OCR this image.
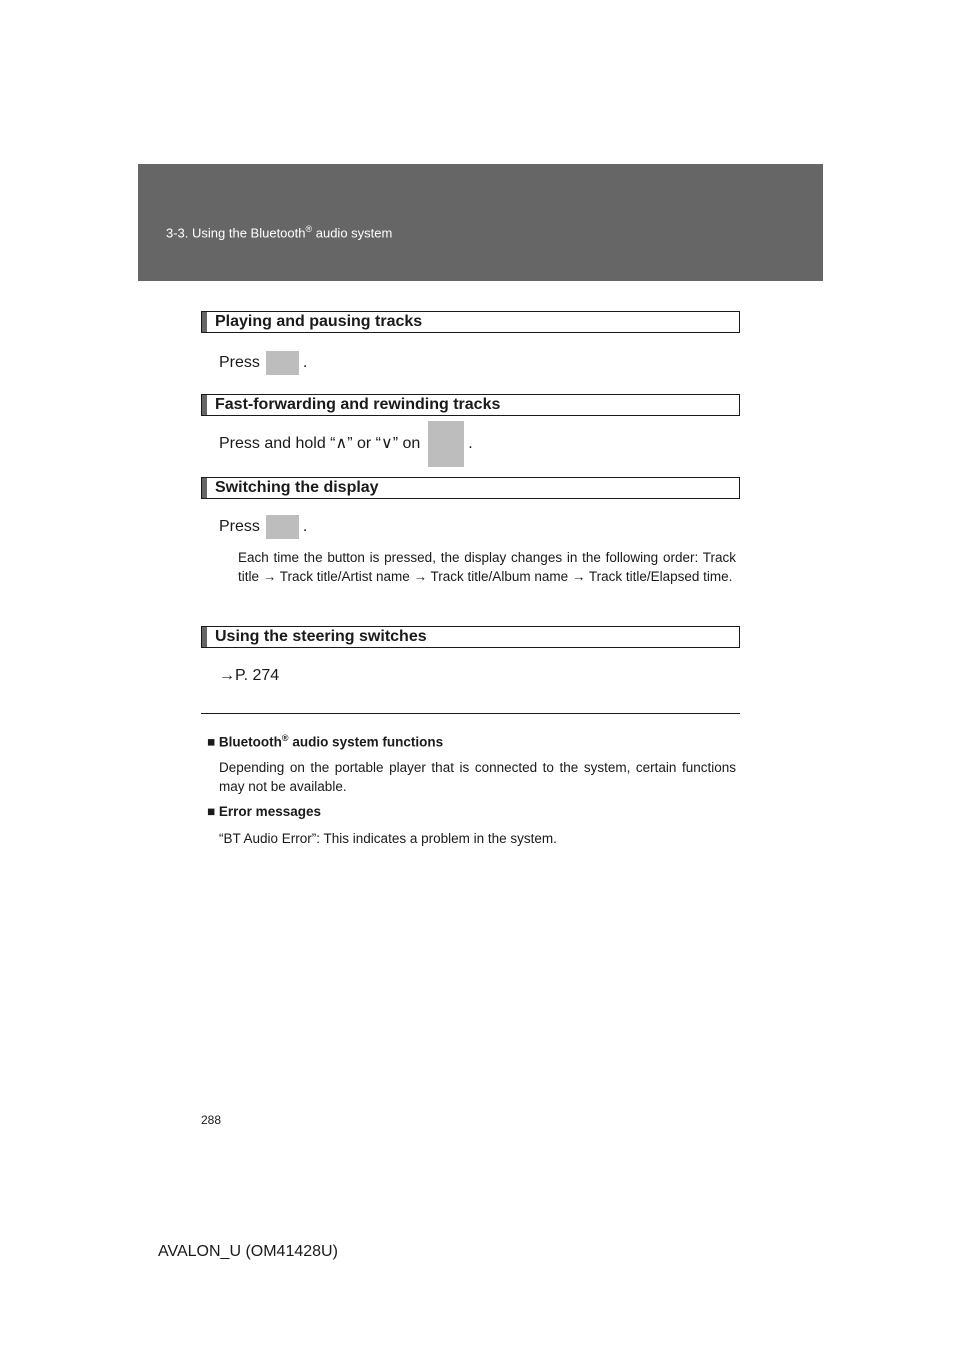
3-3. Using the Bluetooth® audio system
Playing and pausing tracks
Press	.
Fast-forwarding and rewinding tracks
Press and hold “∧” or “∨” on	.
Switching the display
Press	.
Each time the button is pressed, the display changes in the following order: Track title → Track title/Artist name → Track title/Album name → Track title/Elapsed time.
Using the steering switches
→P. 274
■ Bluetooth® audio system functions
Depending on the portable player that is connected to the system, certain functions may not be available.
■ Error messages
“BT Audio Error”: This indicates a problem in the system.
288
AVALON_U (OM41428U)
